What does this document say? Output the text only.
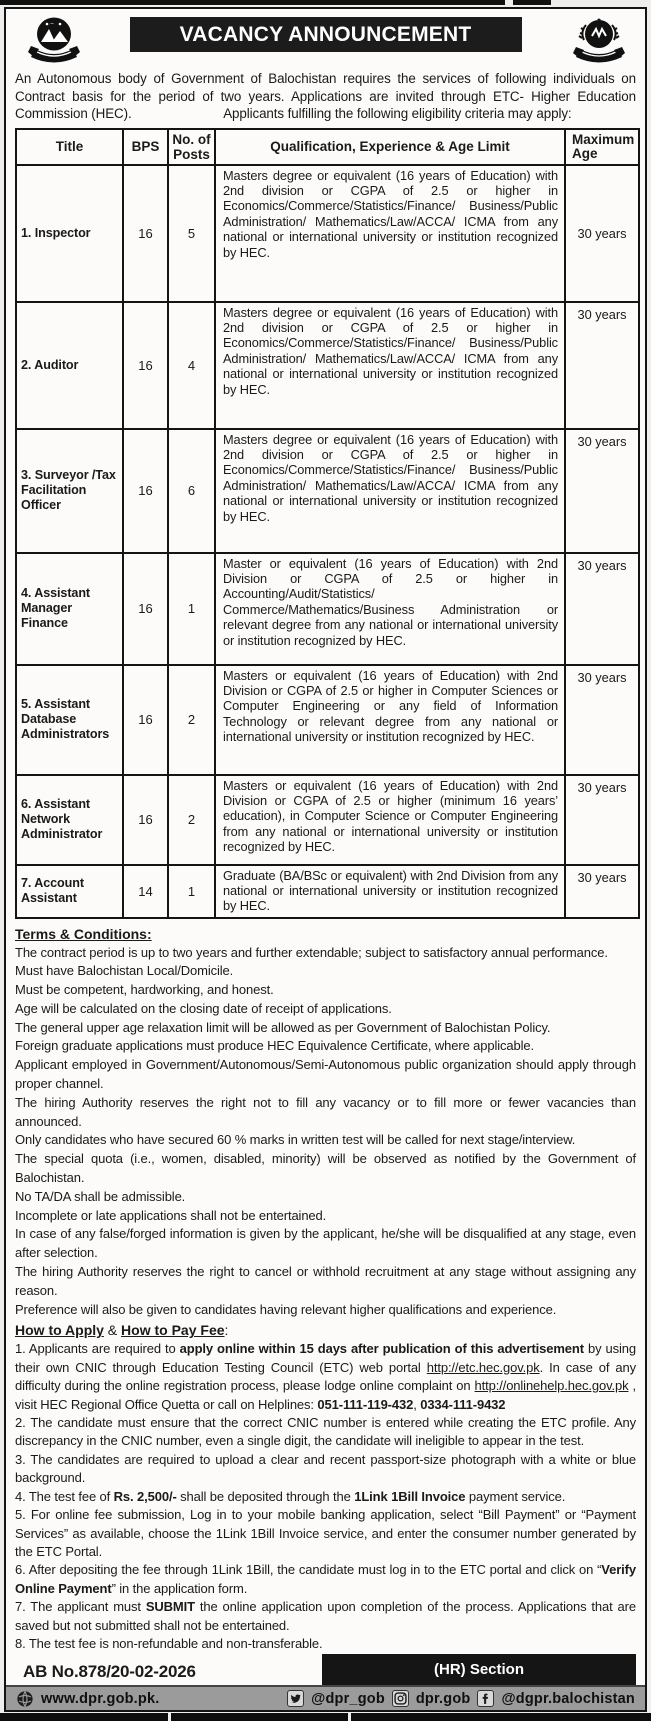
VACANCY ANNOUNCEMENT

An Autonomous body of Government of Balochistan requires the services of following individuals on Contract basis for the period of two years. Applications are invited through ETC- Higher Education Commission (HEC).	Applicants fulfilling the following eligibility criteria may apply:

Title	BPS	No. of Posts	Qualification, Experience & Age Limit	Maximum Age
1. Inspector	16	5	Masters degree or equivalent (16 years of Education) with 2nd division or CGPA of 2.5 or higher in Economics/Commerce/Statistics/Finance/ Business/Public Administration/ Mathematics/Law/ACCA/ ICMA from any national or international university or institution recognized by HEC.	30 years
2. Auditor	16	4	Masters degree or equivalent (16 years of Education) with 2nd division or CGPA of 2.5 or higher in Economics/Commerce/Statistics/Finance/ Business/Public Administration/ Mathematics/Law/ACCA/ ICMA from any national or international university or institution recognized by HEC.	30 years
3. Surveyor /Tax Facilitation Officer	16	6	Masters degree or equivalent (16 years of Education) with 2nd division or CGPA of 2.5 or higher in Economics/Commerce/Statistics/Finance/ Business/Public Administration/ Mathematics/Law/ACCA/ ICMA from any national or international university or institution recognized by HEC.	30 years
4. Assistant Manager Finance	16	1	Master or equivalent (16 years of Education) with 2nd Division or CGPA of 2.5 or higher in Accounting/Audit/Statistics/ Commerce/Mathematics/Business Administration or relevant degree from any national or international university or institution recognized by HEC.	30 years
5. Assistant Database Administrators	16	2	Masters or equivalent (16 years of Education) with 2nd Division or CGPA of 2.5 or higher in Computer Sciences or Computer Engineering or any field of Information Technology or relevant degree from any national or international university or institution recognized by HEC.	30 years
6. Assistant Network Administrator	16	2	Masters or equivalent (16 years of Education) with 2nd Division or CGPA of 2.5 or higher (minimum 16 years’ education), in Computer Science or Computer Engineering from any national or international university or institution recognized by HEC.	30 years
7. Account Assistant	14	1	Graduate (BA/BSc or equivalent) with 2nd Division from any national or international university or institution recognized by HEC.	30 years
Terms & Conditions:
The contract period is up to two years and further extendable; subject to satisfactory annual performance.
Must have Balochistan Local/Domicile.
Must be competent, hardworking, and honest.
Age will be calculated on the closing date of receipt of applications.
The general upper age relaxation limit will be allowed as per Government of Balochistan Policy.
Foreign graduate applications must produce HEC Equivalence Certificate, where applicable.
Applicant employed in Government/Autonomous/Semi-Autonomous public organization should apply through proper channel.
The hiring Authority reserves the right not to fill any vacancy or to fill more or fewer vacancies than announced.
Only candidates who have secured 60 % marks in written test will be called for next stage/interview.
The special quota (i.e., women, disabled, minority) will be observed as notified by the Government of Balochistan.
No TA/DA shall be admissible.
Incomplete or late applications shall not be entertained.
In case of any false/forged information is given by the applicant, he/she will be disqualified at any stage, even after selection.
The hiring Authority reserves the right to cancel or withhold recruitment at any stage without assigning any reason.
Preference will also be given to candidates having relevant higher qualifications and experience.
How to Apply & How to Pay Fee:
1. Applicants are required to apply online within 15 days after publication of this advertisement by using their own CNIC through Education Testing Council (ETC) web portal http://etc.hec.gov.pk. In case of any difficulty during the online registration process, please lodge online complaint on http://onlinehelp.hec.gov.pk , visit HEC Regional Office Quetta or call on Helplines: 051-111-119-432, 0334-111-9432
2. The candidate must ensure that the correct CNIC number is entered while creating the ETC profile. Any discrepancy in the CNIC number, even a single digit, the candidate will ineligible to appear in the test.
3. The candidates are required to upload a clear and recent passport-size photograph with a white or blue background.
4. The test fee of Rs. 2,500/- shall be deposited through the 1Link 1Bill Invoice payment service.
5. For online fee submission, Log in to your mobile banking application, select “Bill Payment” or “Payment Services” as available, choose the 1Link 1Bill Invoice service, and enter the consumer number generated by the ETC Portal.
6. After depositing the fee through 1Link 1Bill, the candidate must log in to the ETC portal and click on “Verify Online Payment” in the application form.
7. The applicant must SUBMIT the online application upon completion of the process. Applications that are saved but not submitted shall not be entertained.
8. The test fee is non-refundable and non-transferable.
AB No.878/20-02-2026	(HR) Section
www.dpr.gob.pk.	@dpr_gob dpr.gob @dgpr.balochistan
